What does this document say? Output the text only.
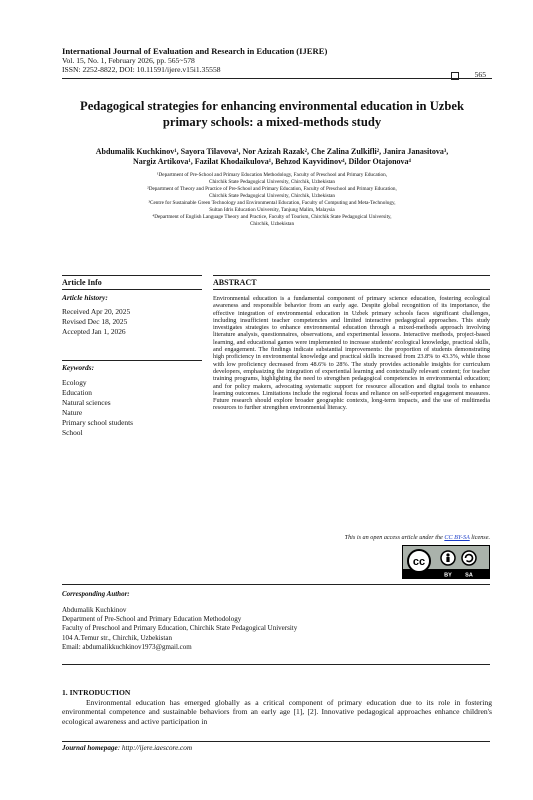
International Journal of Evaluation and Research in Education (IJERE)
Vol. 15, No. 1, February 2026, pp. 565~578
ISSN: 2252-8822, DOI: 10.11591/ijere.v15i1.35558
565
Pedagogical strategies for enhancing environmental education in Uzbek primary schools: a mixed-methods study
Abdumalik Kuchkinov¹, Sayora Tilavova¹, Nor Azizah Razak², Che Zalina Zulkifli², Janira Janasitova³,
Nargiz Artikova¹, Fazilat Khodaikulova¹, Behzod Kayvidinov⁴, Dildor Otajonova⁴
¹Department of Pre-School and Primary Education Methodology, Faculty of Preschool and Primary Education,
Chirchik State Pedagogical University, Chirchik, Uzbekistan
²Department of Theory and Practice of Pre-School and Primary Education, Faculty of Preschool and Primary Education,
Chirchik State Pedagogical University, Chirchik, Uzbekistan
³Centre for Sustainable Green Technology and Environmental Education, Faculty of Computing and Meta-Technology,
Sultan Idris Education University, Tanjung Malim, Malaysia
⁴Department of English Language Theory and Practice, Faculty of Tourism, Chirchik State Pedagogical University,
Chirchik, Uzbekistan
Article Info	ABSTRACT
Article history:
Received Apr 20, 2025
Revised Dec 18, 2025
Accepted Jan 1, 2026
Keywords:
Ecology
Education
Natural sciences
Nature
Primary school students
School
Environmental education is a fundamental component of primary science education, fostering ecological awareness and responsible behavior from an early age. Despite global recognition of its importance, the effective integration of environmental education in Uzbek primary schools faces significant challenges, including insufficient teacher competencies and limited interactive pedagogical approaches. This study investigates strategies to enhance environmental education through a mixed-methods approach involving literature analysis, questionnaires, observations, and experimental lessons. Interactive methods, project-based learning, and educational games were implemented to increase students' ecological knowledge, practical skills, and engagement. The findings indicate substantial improvements: the proportion of students demonstrating high proficiency in environmental knowledge and practical skills increased from 23.8% to 43.3%, while those with low proficiency decreased from 48.6% to 28%. The study provides actionable insights for curriculum developers, emphasizing the integration of experiential learning and contextually relevant content; for teacher training programs, highlighting the need to strengthen pedagogical competencies in environmental education; and for policy makers, advocating systematic support for resource allocation and digital tools to enhance learning outcomes. Limitations include the regional focus and reliance on self-reported engagement measures. Future research should explore broader geographic contexts, long-term impacts, and the use of multimedia resources to further strengthen environmental literacy.
This is an open access article under the CC BY-SA license.
cc
BY SA
Corresponding Author:
Abdumalik Kuchkinov
Department of Pre-School and Primary Education Methodology
Faculty of Preschool and Primary Education, Chirchik State Pedagogical University
104 A.Temur str., Chirchik, Uzbekistan
Email: abdumalikkuchkinov1973@gmail.com
1. INTRODUCTION
Environmental education has emerged globally as a critical component of primary education due to its role in fostering environmental competence and sustainable behaviors from an early age [1], [2]. Innovative pedagogical approaches enhance children's ecological awareness and active participation in
Journal homepage: http://ijere.iaescore.com
